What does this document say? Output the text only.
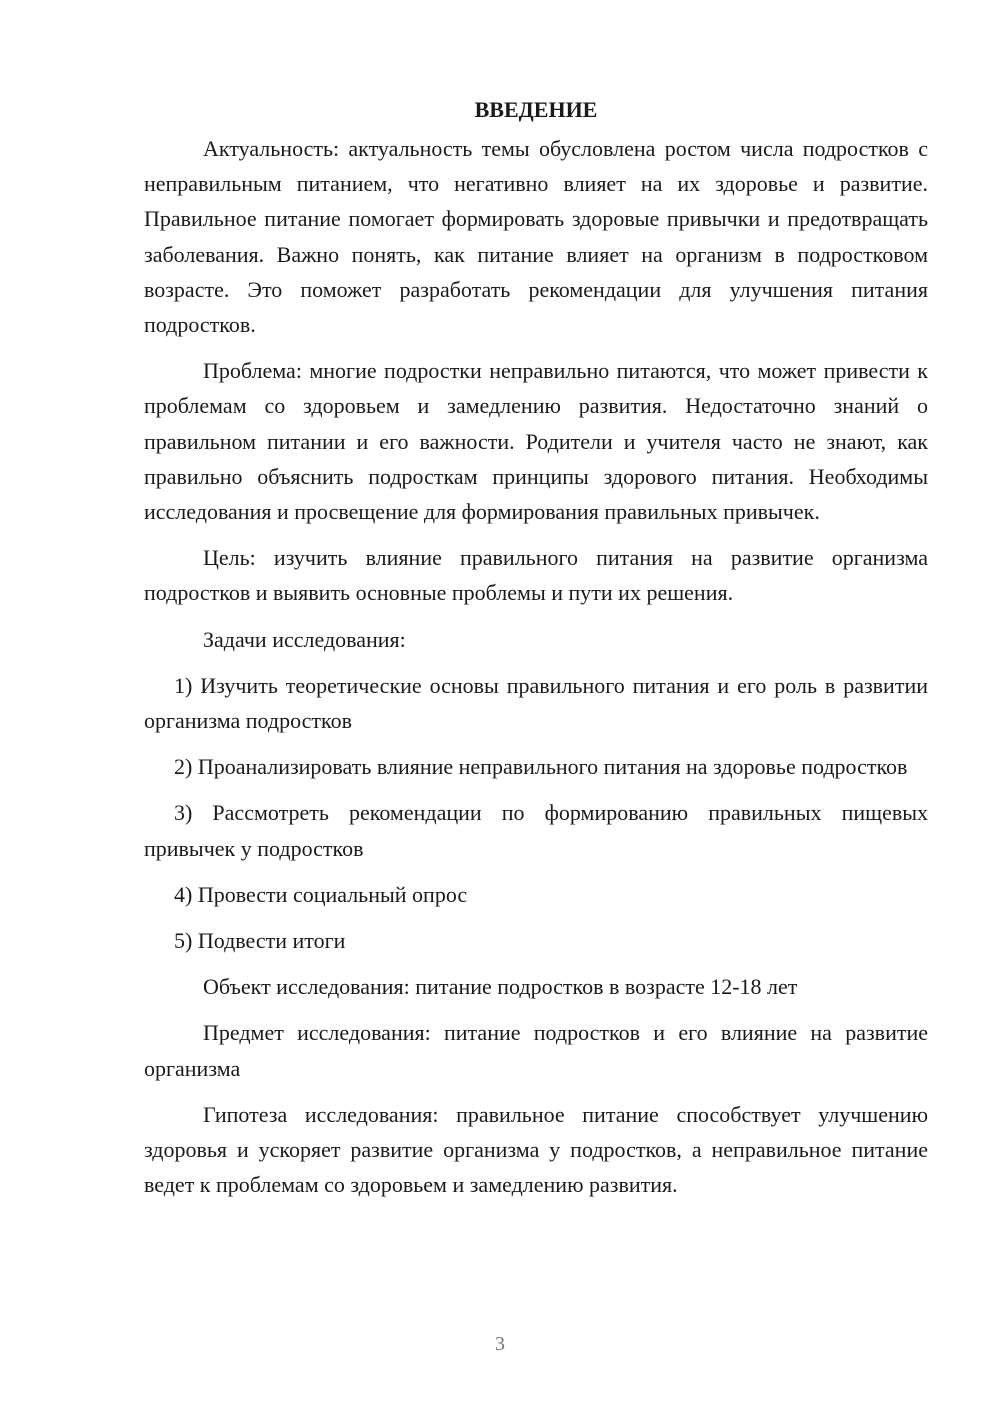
ВВЕДЕНИЕ

Актуальность: актуальность темы обусловлена ростом числа подростков с неправильным питанием, что негативно влияет на их здоровье и развитие. Правильное питание помогает формировать здоровые привычки и предотвращать заболевания. Важно понять, как питание влияет на организм в подростковом возрасте. Это поможет разработать рекомендации для улучшения питания подростков.

Проблема: многие подростки неправильно питаются, что может привести к проблемам со здоровьем и замедлению развития. Недостаточно знаний о правильном питании и его важности. Родители и учителя часто не знают, как правильно объяснить подросткам принципы здорового питания. Необходимы исследования и просвещение для формирования правильных привычек.

Цель: изучить влияние правильного питания на развитие организма подростков и выявить основные проблемы и пути их решения.

Задачи исследования:

1) Изучить теоретические основы правильного питания и его роль в развитии организма подростков

2) Проанализировать влияние неправильного питания на здоровье подростков

3) Рассмотреть рекомендации по формированию правильных пищевых привычек у подростков

4) Провести социальный опрос

5) Подвести итоги

Объект исследования: питание подростков в возрасте 12-18 лет

Предмет исследования: питание подростков и его влияние на развитие организма

Гипотеза исследования: правильное питание способствует улучшению здоровья и ускоряет развитие организма у подростков, а неправильное питание ведет к проблемам со здоровьем и замедлению развития.

3
